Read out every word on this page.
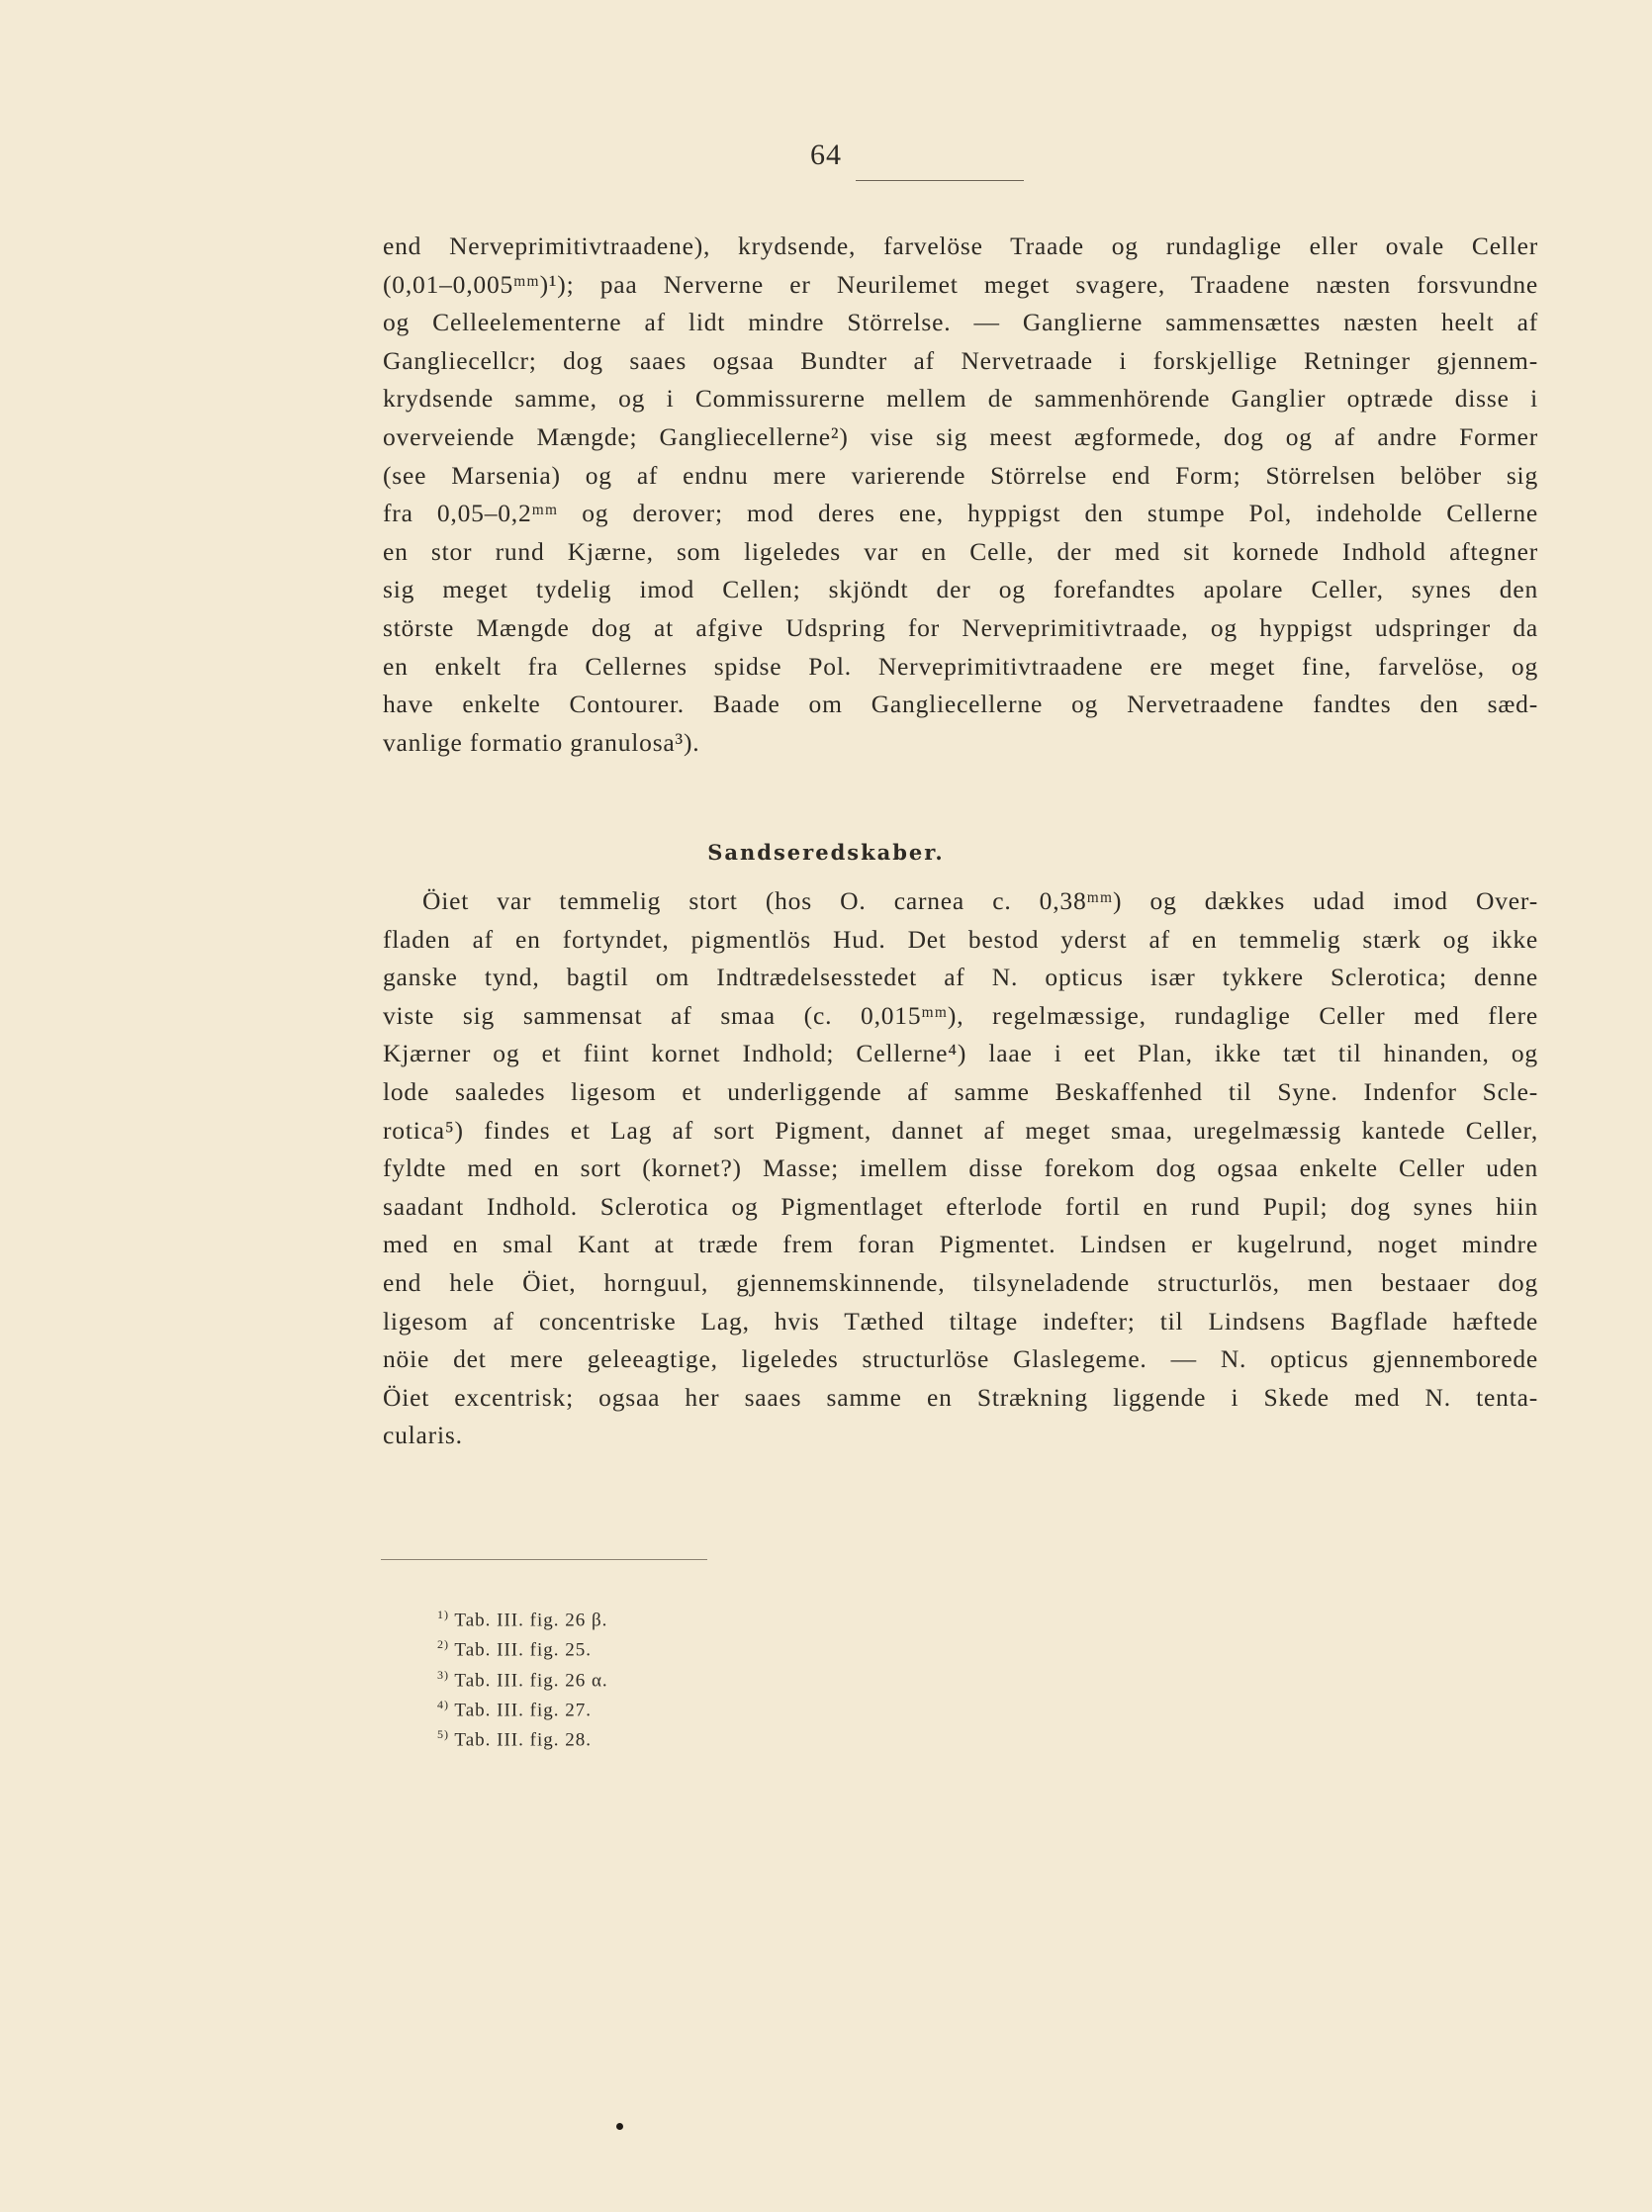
64
end Nerveprimitivtraadene), krydsende, farvelöse Traade og rundaglige eller ovale Celler
(0,01–0,005ᵐᵐ)¹); paa Nerverne er Neurilemet meget svagere, Traadene næsten forsvundne
og Celleelementerne af lidt mindre Störrelse. — Ganglierne sammensættes næsten heelt af
Gangliecellcr; dog saaes ogsaa Bundter af Nervetraade i forskjellige Retninger gjennem-
krydsende samme, og i Commissurerne mellem de sammenhörende Ganglier optræde disse i
overveiende Mængde; Gangliecellerne²) vise sig meest ægformede, dog og af andre Former
(see Marsenia) og af endnu mere varierende Störrelse end Form; Störrelsen belöber sig
fra 0,05–0,2ᵐᵐ og derover; mod deres ene, hyppigst den stumpe Pol, indeholde Cellerne
en stor rund Kjærne, som ligeledes var en Celle, der med sit kornede Indhold aftegner
sig meget tydelig imod Cellen; skjöndt der og forefandtes apolare Celler, synes den
störste Mængde dog at afgive Udspring for Nerveprimitivtraade, og hyppigst udspringer da
en enkelt fra Cellernes spidse Pol. Nerveprimitivtraadene ere meget fine, farvelöse, og
have enkelte Contourer. Baade om Gangliecellerne og Nervetraadene fandtes den sæd-
vanlige formatio granulosa³).
Sandseredskaber.
Öiet var temmelig stort (hos O. carnea c. 0,38ᵐᵐ) og dækkes udad imod Over-
fladen af en fortyndet, pigmentlös Hud. Det bestod yderst af en temmelig stærk og ikke
ganske tynd, bagtil om Indtrædelsesstedet af N. opticus især tykkere Sclerotica; denne
viste sig sammensat af smaa (c. 0,015ᵐᵐ), regelmæssige, rundaglige Celler med flere
Kjærner og et fiint kornet Indhold; Cellerne⁴) laae i eet Plan, ikke tæt til hinanden, og
lode saaledes ligesom et underliggende af samme Beskaffenhed til Syne. Indenfor Scle-
rotica⁵) findes et Lag af sort Pigment, dannet af meget smaa, uregelmæssig kantede Celler,
fyldte med en sort (kornet?) Masse; imellem disse forekom dog ogsaa enkelte Celler uden
saadant Indhold. Sclerotica og Pigmentlaget efterlode fortil en rund Pupil; dog synes hiin
med en smal Kant at træde frem foran Pigmentet. Lindsen er kugelrund, noget mindre
end hele Öiet, hornguul, gjennemskinnende, tilsyneladende structurlös, men bestaaer dog
ligesom af concentriske Lag, hvis Tæthed tiltage indefter; til Lindsens Bagflade hæftede
nöie det mere geleeagtige, ligeledes structurlöse Glaslegeme. — N. opticus gjennemborede
Öiet excentrisk; ogsaa her saaes samme en Strækning liggende i Skede med N. tenta-
cularis.
$^{1)}$ Tab. III. fig. 26 β.
$^{2)}$ Tab. III. fig. 25.
$^{3)}$ Tab. III. fig. 26 α.
$^{4)}$ Tab. III. fig. 27.
$^{5)}$ Tab. III. fig. 28.
